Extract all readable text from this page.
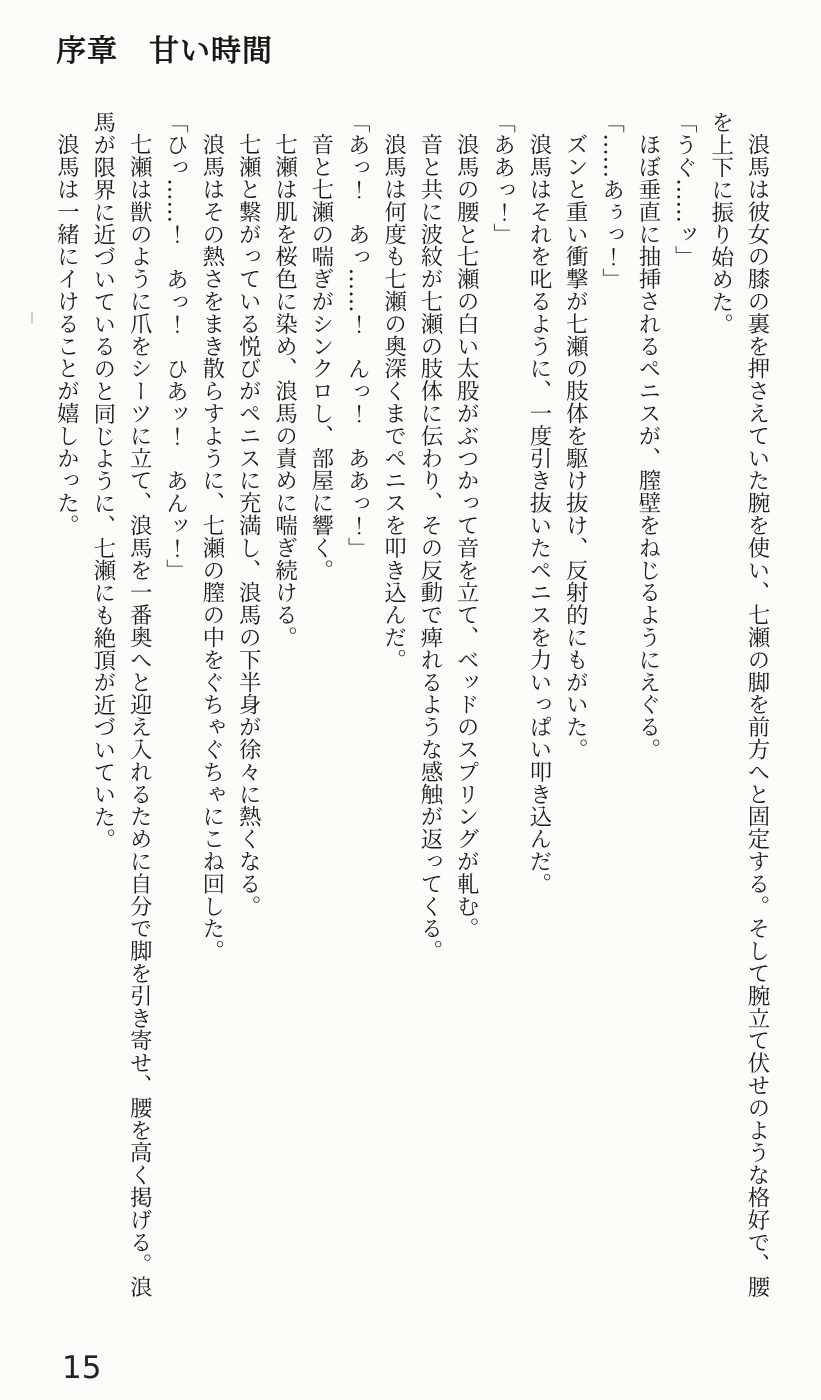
序章　甘い時間

浪馬は彼女の膝の裏を押さえていた腕を使い、七瀬の脚を前方へと固定する。そして腕立て伏せのような格好で、腰を上下に振り始めた。

「うぐ……ッ」

ほぼ垂直に抽挿されるペニスが、膣壁をねじるようにえぐる。

「……あぅっ！」

ズンと重い衝撃が七瀬の肢体を駆け抜け、反射的にもがいた。

浪馬はそれを叱るように、一度引き抜いたペニスを力いっぱい叩き込んだ。

「ああっ！」

浪馬の腰と七瀬の白い太股がぶつかって音を立て、ベッドのスプリングが軋む。

音と共に波紋が七瀬の肢体に伝わり、その反動で痺れるような感触が返ってくる。

浪馬は何度も七瀬の奥深くまでペニスを叩き込んだ。

「あっ！　あっ……！　んっ！　ああっ！」

音と七瀬の喘ぎがシンクロし、部屋に響く。

七瀬は肌を桜色に染め、浪馬の責めに喘ぎ続ける。

七瀬と繋がっている悦びがペニスに充満し、浪馬の下半身が徐々に熱くなる。

浪馬はその熱さをまき散らすように、七瀬の膣の中をぐちゃぐちゃにこね回した。

「ひっ……！　あっ！　ひあッ！　あんッ！」

七瀬は獣のように爪をシーツに立て、浪馬を一番奥へと迎え入れるために自分で脚を引き寄せ、腰を高く掲げる。浪馬が限界に近づいているのと同じように、七瀬にも絶頂が近づいていた。

浪馬は一緒にイけることが嬉しかった。

15
